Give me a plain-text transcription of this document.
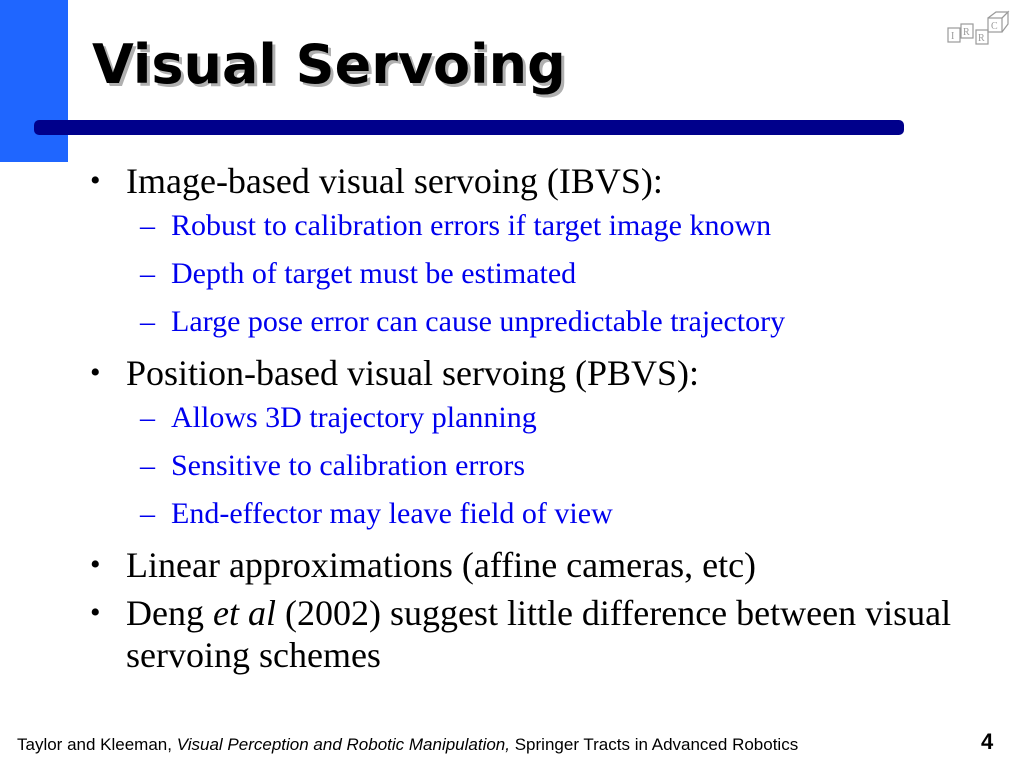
Visual Servoing	I R
R
C
• Image-based visual servoing (IBVS):
– Robust to calibration errors if target image known
– Depth of target must be estimated
– Large pose error can cause unpredictable trajectory
• Position-based visual servoing (PBVS):
– Allows 3D trajectory planning
– Sensitive to calibration errors
– End-effector may leave field of view
• Linear approximations (affine cameras, etc)
• Deng et al (2002) suggest little difference between visual servoing schemes
Taylor and Kleeman, Visual Perception and Robotic Manipulation, Springer Tracts in Advanced Robotics	4
